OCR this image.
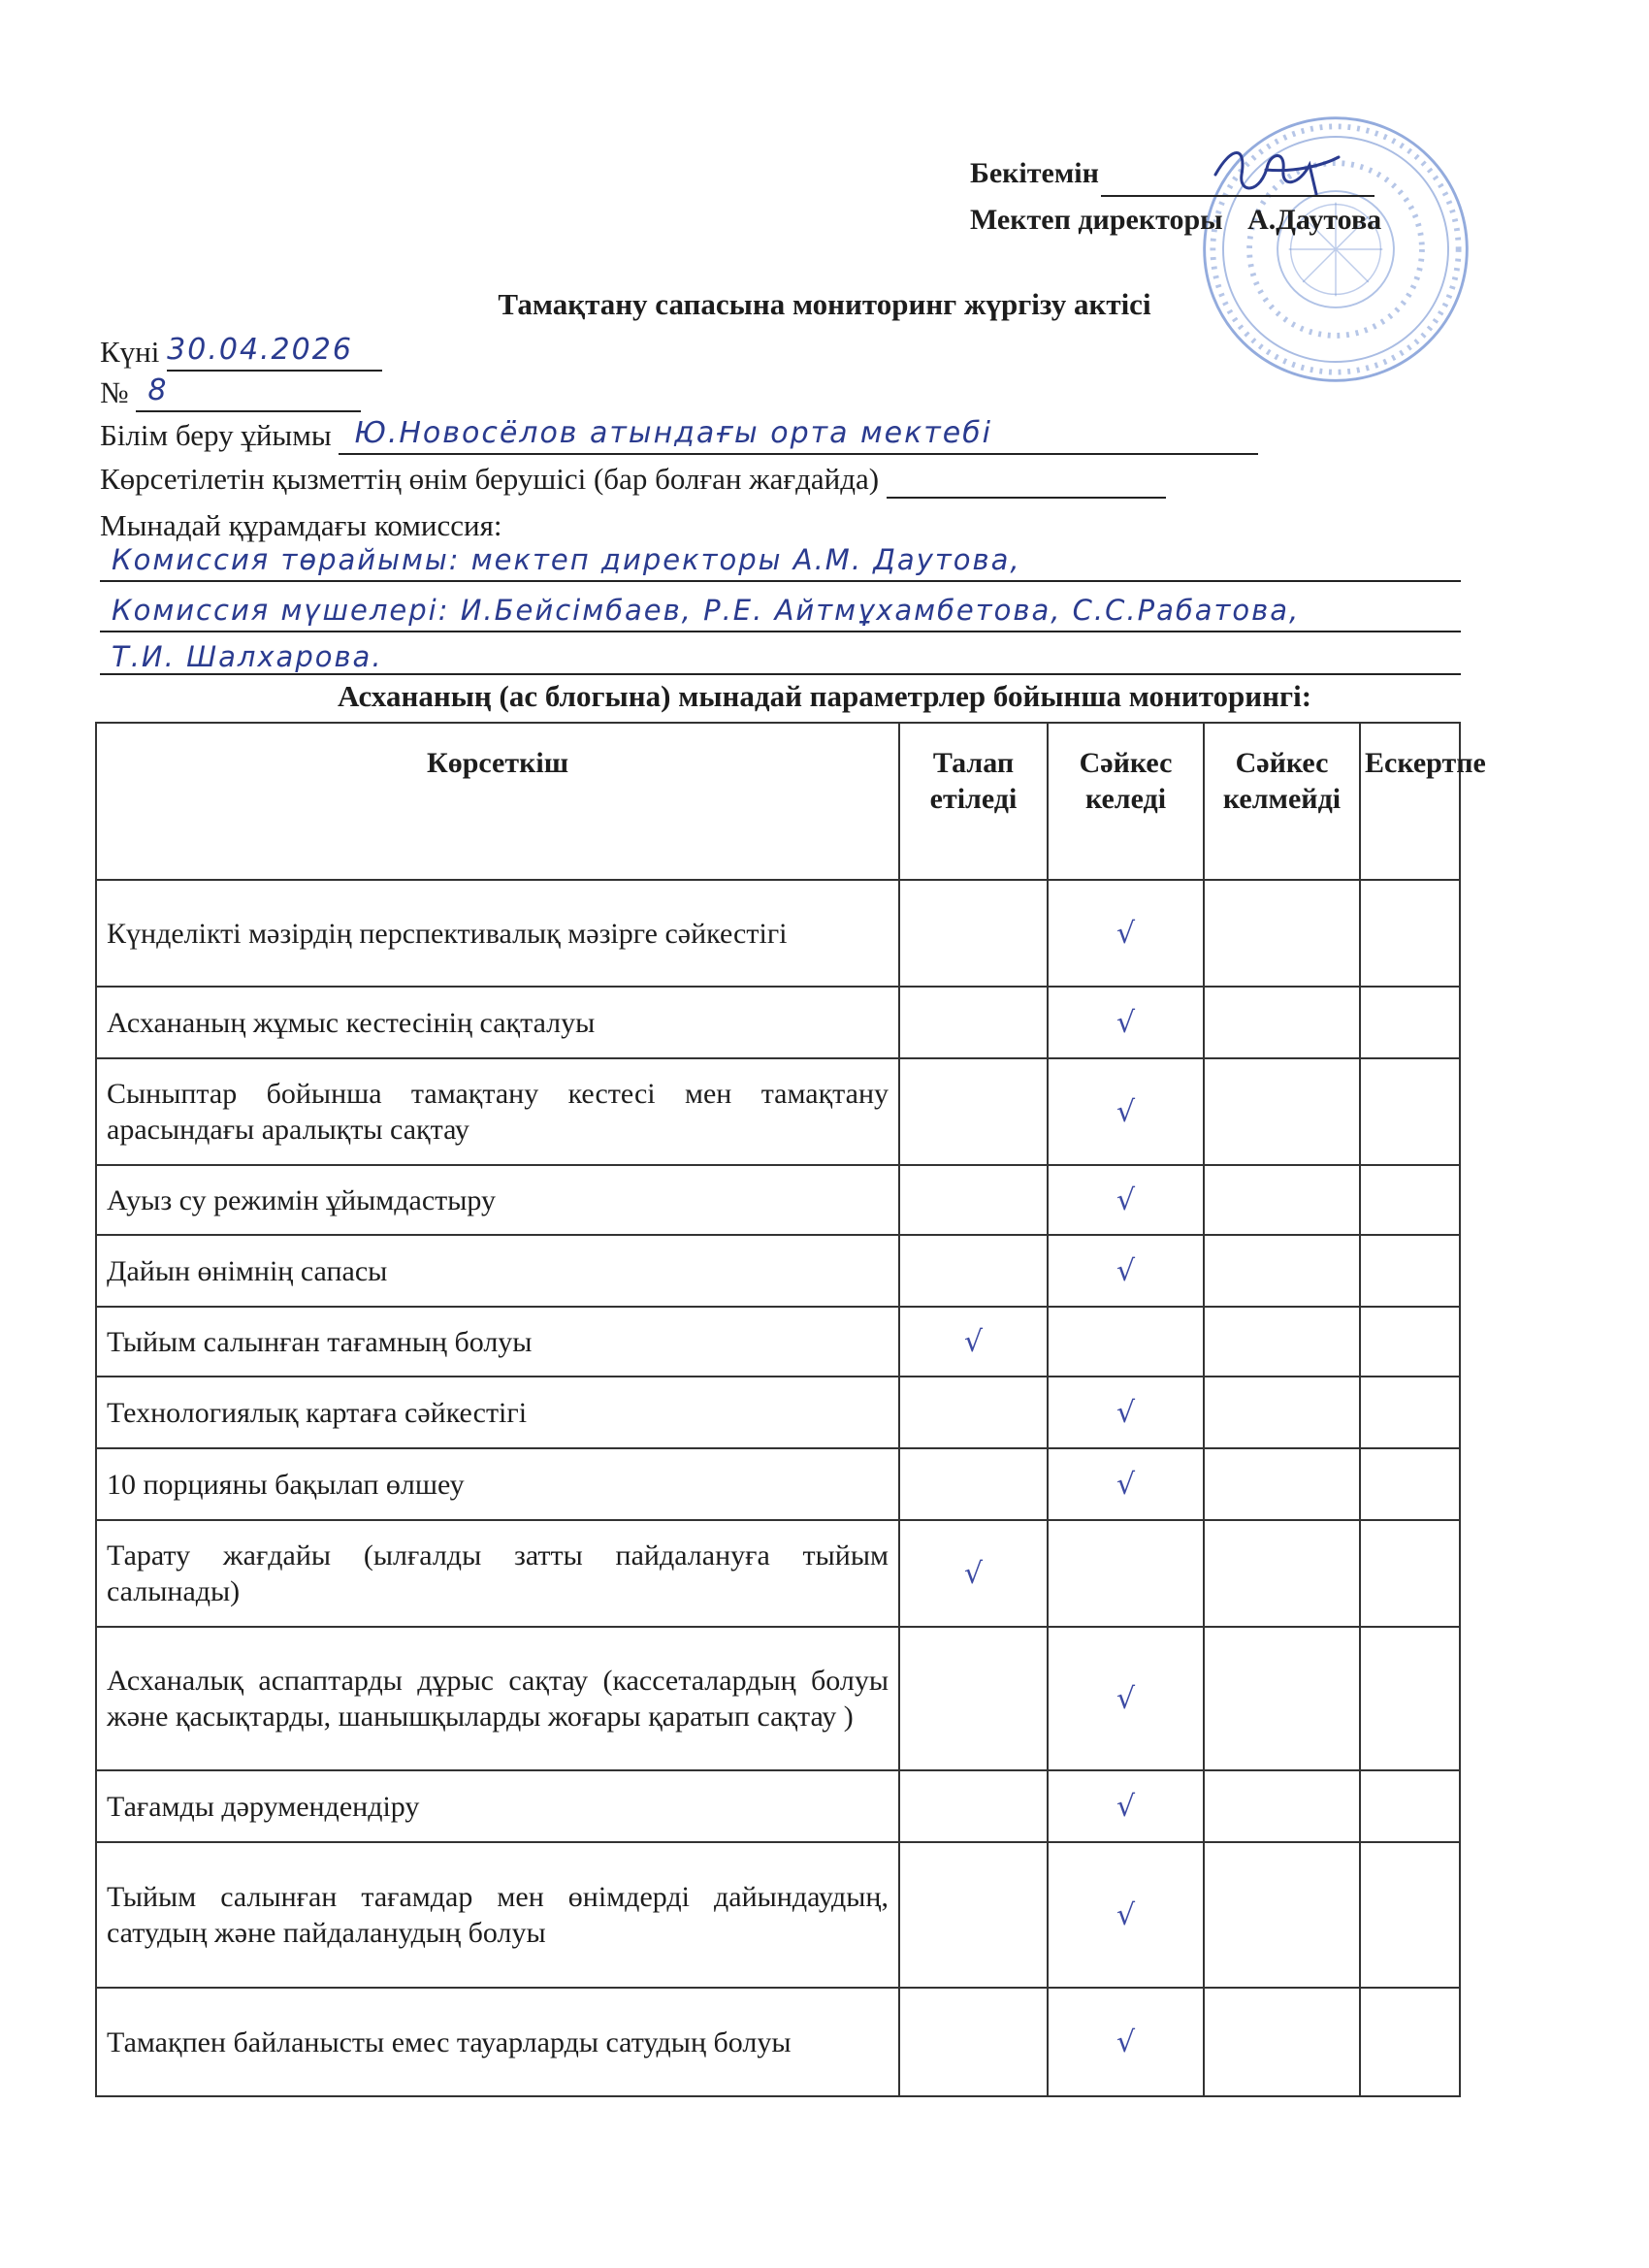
Бекітемін
Мектеп директоры А.Даутова
Тамақтану сапасына мониторинг жүргізу актісі
Күні 30.04.2026
№ 8
Білім беру ұйымы Ю.Новосёлов атындағы орта мектебі
Көрсетілетін қызметтің өнім берушісі (бар болған жағдайда)
Мынадай құрамдағы комиссия:
Комиссия төрайымы: мектеп директоры А.М. Даутова,
Комиссия мүшелері: И.Бейсімбаев, Р.Е. Айтмұхамбетова, С.С.Рабатова,
Т.И. Шалхарова.
Асхананың (ас блогына) мынадай параметрлер бойынша мониторингі:
Көрсеткіш	Талап етіледі	Сәйкес келеді	Сәйкес келмейді	Ескертпе
Күнделікті мәзірдің перспективалық мәзірге сәйкестігі		√		
Асхананың жұмыс кестесінің сақталуы		√		
Сыныптар бойынша тамақтану кестесі мен тамақтану арасындағы аралықты сақтау		√		
Ауыз су режимін ұйымдастыру		√		
Дайын өнімнің сапасы		√		
Тыйым салынған тағамның болуы	√			
Технологиялық картаға сәйкестігі		√		
10 порцияны бақылап өлшеу		√		
Тарату жағдайы (ылғалды затты пайдалануға тыйым салынады)	√			
Асханалық аспаптарды дұрыс сақтау (кассеталардың болуы және қасықтарды, шанышқыларды жоғары қаратып сақтау )		√		
Тағамды дәрумендендіру		√		
Тыйым салынған тағамдар мен өнімдерді дайындаудың, сатудың және пайдаланудың болуы		√		
Тамақпен байланысты емес тауарларды сатудың болуы		√		
